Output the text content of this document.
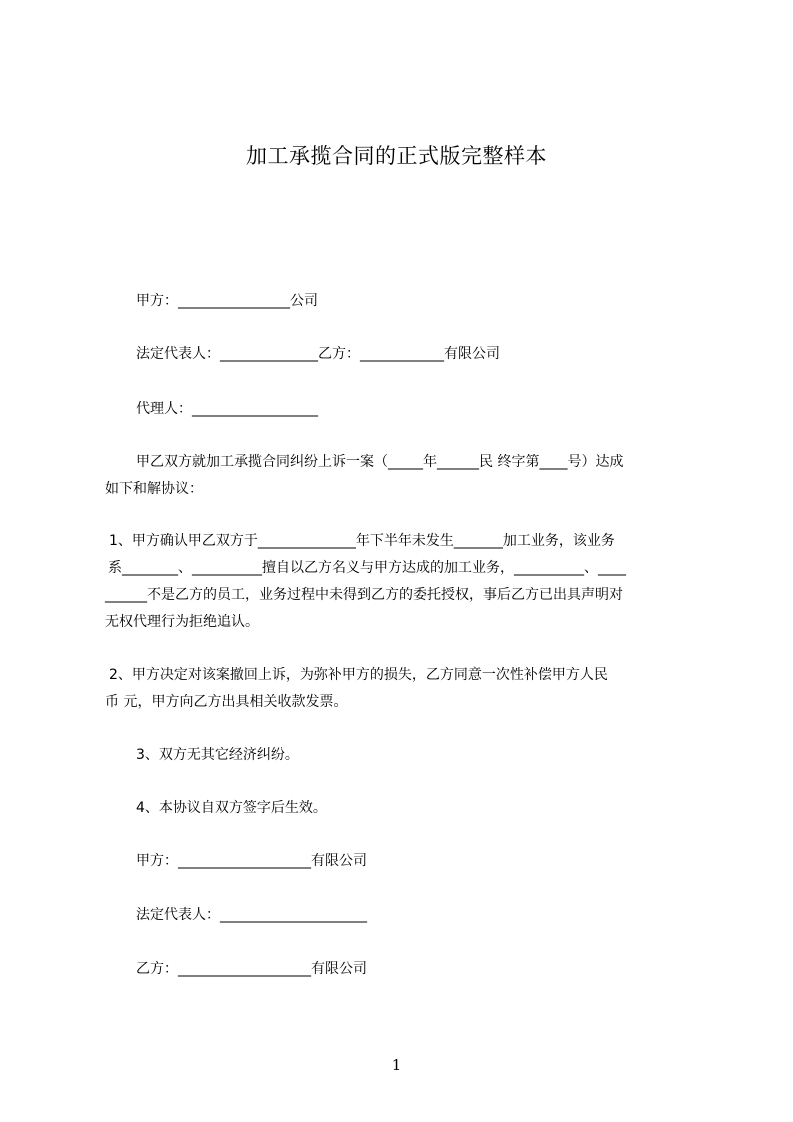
加工承揽合同的正式版完整样本
甲方：________________公司
法定代表人：______________乙方：____________有限公司
代理人：__________________

甲乙双方就加工承揽合同纠纷上诉一案（_____年______民 终字第____号）达成

如下和解协议：

1、甲方确认甲乙双方于______________年下半年未发生_______加工业务，该业务

系________、__________擅自以乙方名义与甲方达成的加工业务，__________、____

______不是乙方的员工，业务过程中未得到乙方的委托授权，事后乙方已出具声明对

无权代理行为拒绝追认。

2、甲方决定对该案撤回上诉，为弥补甲方的损失，乙方同意一次性补偿甲方人民

币 元，甲方向乙方出具相关收款发票。

3、双方无其它经济纠纷。
4、本协议自双方签字后生效。
甲方：___________________有限公司
法定代表人：_____________________
乙方：___________________有限公司
1
